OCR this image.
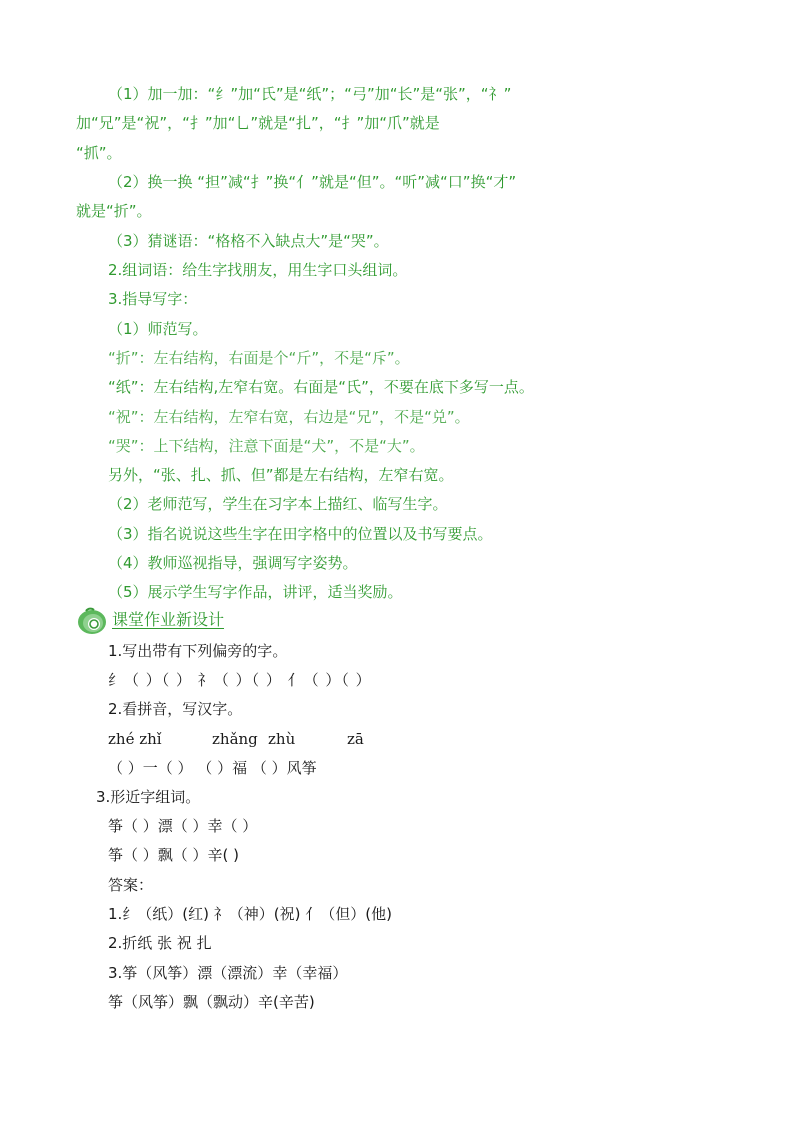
（1）加一加：“纟”加“氏”是“纸”；“弓”加“长”是“张”，“礻”
加“兄”是“祝”，“扌”加“乚”就是“扎”，“扌”加“爪”就是
“抓”。
（2）换一换 “担”减“扌”换“亻”就是“但”。“听”减“口”换“才”
就是“折”。
（3）猜谜语：“格格不入缺点大”是“哭”。
2.组词语：给生字找朋友，用生字口头组词。
3.指导写字：
（1）师范写。
“折”：左右结构，右面是个“斤”，不是“斥”。
“纸”：左右结构,左窄右宽。右面是“氏”，不要在底下多写一点。
“祝”：左右结构，左窄右宽，右边是“兄”，不是“兑”。
“哭”：上下结构，注意下面是“犬”，不是“大”。
另外，“张、扎、抓、但”都是左右结构，左窄右宽。
（2）老师范写，学生在习字本上描红、临写生字。
（3）指名说说这些生字在田字格中的位置以及书写要点。
（4）教师巡视指导，强调写字姿势。
（5）展示学生写字作品，讲评，适当奖励。
课堂作业新设计
1.写出带有下列偏旁的字。
纟（ ）（ ） 礻（ ）（ ） 亻（ ）（ ）
2.看拼音，写汉字。
zhé zhǐ	zhǎng zhù	zā
（ ）一（ ） （ ）福 （ ）风筝
3.形近字组词。
筝（ ）漂（ ）幸（ ）
筝（ ）飘（ ）辛( )
答案：
1.纟（纸）(红) 礻（神）(祝) 亻（但）(他)
2.折纸 张 祝 扎
3.筝（风筝）漂（漂流）幸（幸福）
筝（风筝）飘（飘动）辛(辛苦)
